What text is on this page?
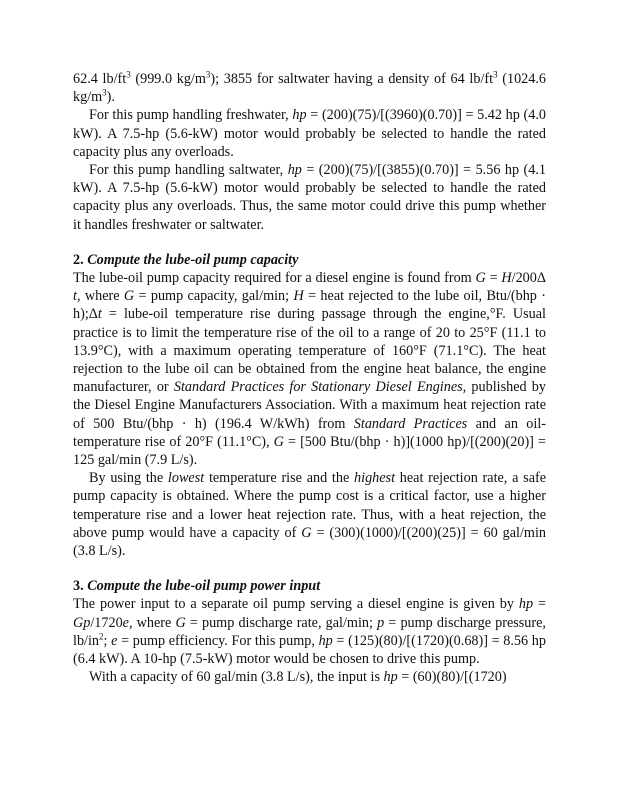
62.4 $lb/ft^3$ (999.0 $kg/m^3$); 3855 for saltwater having a density of 64 $lb/ft^3$ (1024.6 $kg/m^3$).

For this pump handling freshwater, hp = (200)(75)/[(3960)(0.70)] = 5.42 hp (4.0 kW). A 7.5-hp (5.6-kW) motor would probably be selected to handle the rated capacity plus any overloads.

For this pump handling saltwater, hp = (200)(75)/[(3855)(0.70)] = 5.56 hp (4.1 kW). A 7.5-hp (5.6-kW) motor would probably be selected to handle the rated capacity plus any overloads. Thus, the same motor could drive this pump whether it handles freshwater or saltwater.

2. Compute the lube-oil pump capacity

The lube-oil pump capacity required for a diesel engine is found from G = H/200Δ t, where G = pump capacity, gal/min; H = heat rejected to the lube oil, Btu/(bhp · h);Δt = lube-oil temperature rise during passage through the engine,°F. Usual practice is to limit the temperature rise of the oil to a range of 20 to 25°F (11.1 to 13.9°C), with a maximum operating temperature of 160°F (71.1°C). The heat rejection to the lube oil can be obtained from the engine heat balance, the engine manufacturer, or Standard Practices for Stationary Diesel Engines, published by the Diesel Engine Manufacturers Association. With a maximum heat rejection rate of 500 Btu/(bhp · h) (196.4 W/kWh) from Standard Practices and an oil-temperature rise of 20°F (11.1°C), G = [500 Btu/(bhp · h)](1000 hp)/[(200)(20)] = 125 gal/min (7.9 L/s).

By using the lowest temperature rise and the highest heat rejection rate, a safe pump capacity is obtained. Where the pump cost is a critical factor, use a higher temperature rise and a lower heat rejection rate. Thus, with a heat rejection, the above pump would have a capacity of G = (300)(1000)/[(200)(25)] = 60 gal/min (3.8 L/s).

3. Compute the lube-oil pump power input

The power input to a separate oil pump serving a diesel engine is given by hp = Gp/1720e, where G = pump discharge rate, gal/min; p = pump discharge pressure, $lb/in^2$; e = pump efficiency. For this pump, hp = (125)(80)/[(1720)(0.68)] = 8.56 hp (6.4 kW). A 10-hp (7.5-kW) motor would be chosen to drive this pump.

With a capacity of 60 gal/min (3.8 L/s), the input is hp = (60)(80)/[(1720)
